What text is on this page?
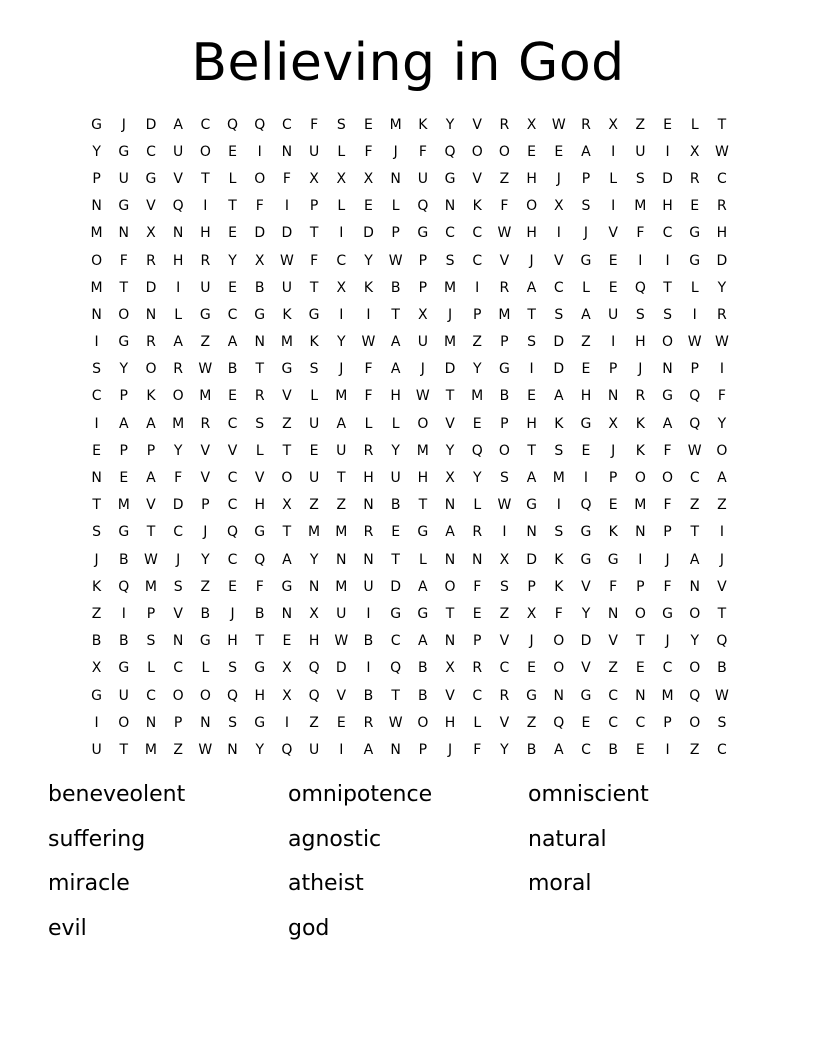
Believing in God
G	J	D	A	C	Q	Q	C	F	S	E	M	K	Y	V	R	X	W	R	X	Z	E	L	T
Y	G	C	U	O	E	I	N	U	L	F	J	F	Q	O	O	E	E	A	I	U	I	X	W
P	U	G	V	T	L	O	F	X	X	X	N	U	G	V	Z	H	J	P	L	S	D	R	C
N	G	V	Q	I	T	F	I	P	L	E	L	Q	N	K	F	O	X	S	I	M	H	E	R
M	N	X	N	H	E	D	D	T	I	D	P	G	C	C	W	H	I	J	V	F	C	G	H
O	F	R	H	R	Y	X	W	F	C	Y	W	P	S	C	V	J	V	G	E	I	I	G	D
M	T	D	I	U	E	B	U	T	X	K	B	P	M	I	R	A	C	L	E	Q	T	L	Y
N	O	N	L	G	C	G	K	G	I	I	T	X	J	P	M	T	S	A	U	S	S	I	R
I	G	R	A	Z	A	N	M	K	Y	W	A	U	M	Z	P	S	D	Z	I	H	O	W W
S	Y	O	R	W	B	T	G	S	J	F	A	J	D	Y	G	I	D	E	P	J	N	P	I
C	P	K	O	M	E	R	V	L	M	F	H	W	T	M	B	E	A	H	N	R	G	Q	F
I	A	A	M	R	C	S	Z	U	A	L	L	O	V	E	P	H	K	G	X	K	A	Q	Y
E	P	P	Y	V	V	L	T	E	U	R	Y	M	Y	Q	O	T	S	E	J	K	F	W	O
N	E	A	F	V	C	V	O	U	T	H	U	H	X	Y	S	A	M	I	P	O	O	C	A
T	M	V	D	P	C	H	X	Z	Z	N	B	T	N	L	W	G	I	Q	E	M	F	Z	Z
S	G	T	C	J	Q	G	T	M	M	R	E	G	A	R	I	N	S	G	K	N	P	T	I
J	B	W	J	Y	C	Q	A	Y	N	N	T	L	N	N	X	D	K	G	G	I	J	A	J
K	Q	M	S	Z	E	F	G	N	M	U	D	A	O	F	S	P	K	V	F	P	F	N	V
Z	I	P	V	B	J	B	N	X	U	I	G	G	T	E	Z	X	F	Y	N	O	G	O	T
B	B	S	N	G	H	T	E	H	W	B	C	A	N	P	V	J	O	D	V	T	J	Y	Q
X	G	L	C	L	S	G	X	Q	D	I	Q	B	X	R	C	E	O	V	Z	E	C	O	B
G	U	C	O	O	Q	H	X	Q	V	B	T	B	V	C	R	G	N	G	C	N	M	Q	W
I	O	N	P	N	S	G	I	Z	E	R	W	O	H	L	V	Z	Q	E	C	C	P	O	S
U	T	M	Z	W	N	Y	Q	U	I	A	N	P	J	F	Y	B	A	C	B	E	I	Z	C
beneveolent	omnipotence	omniscient
suffering	agnostic	natural
miracle	atheist	moral
evil	god
